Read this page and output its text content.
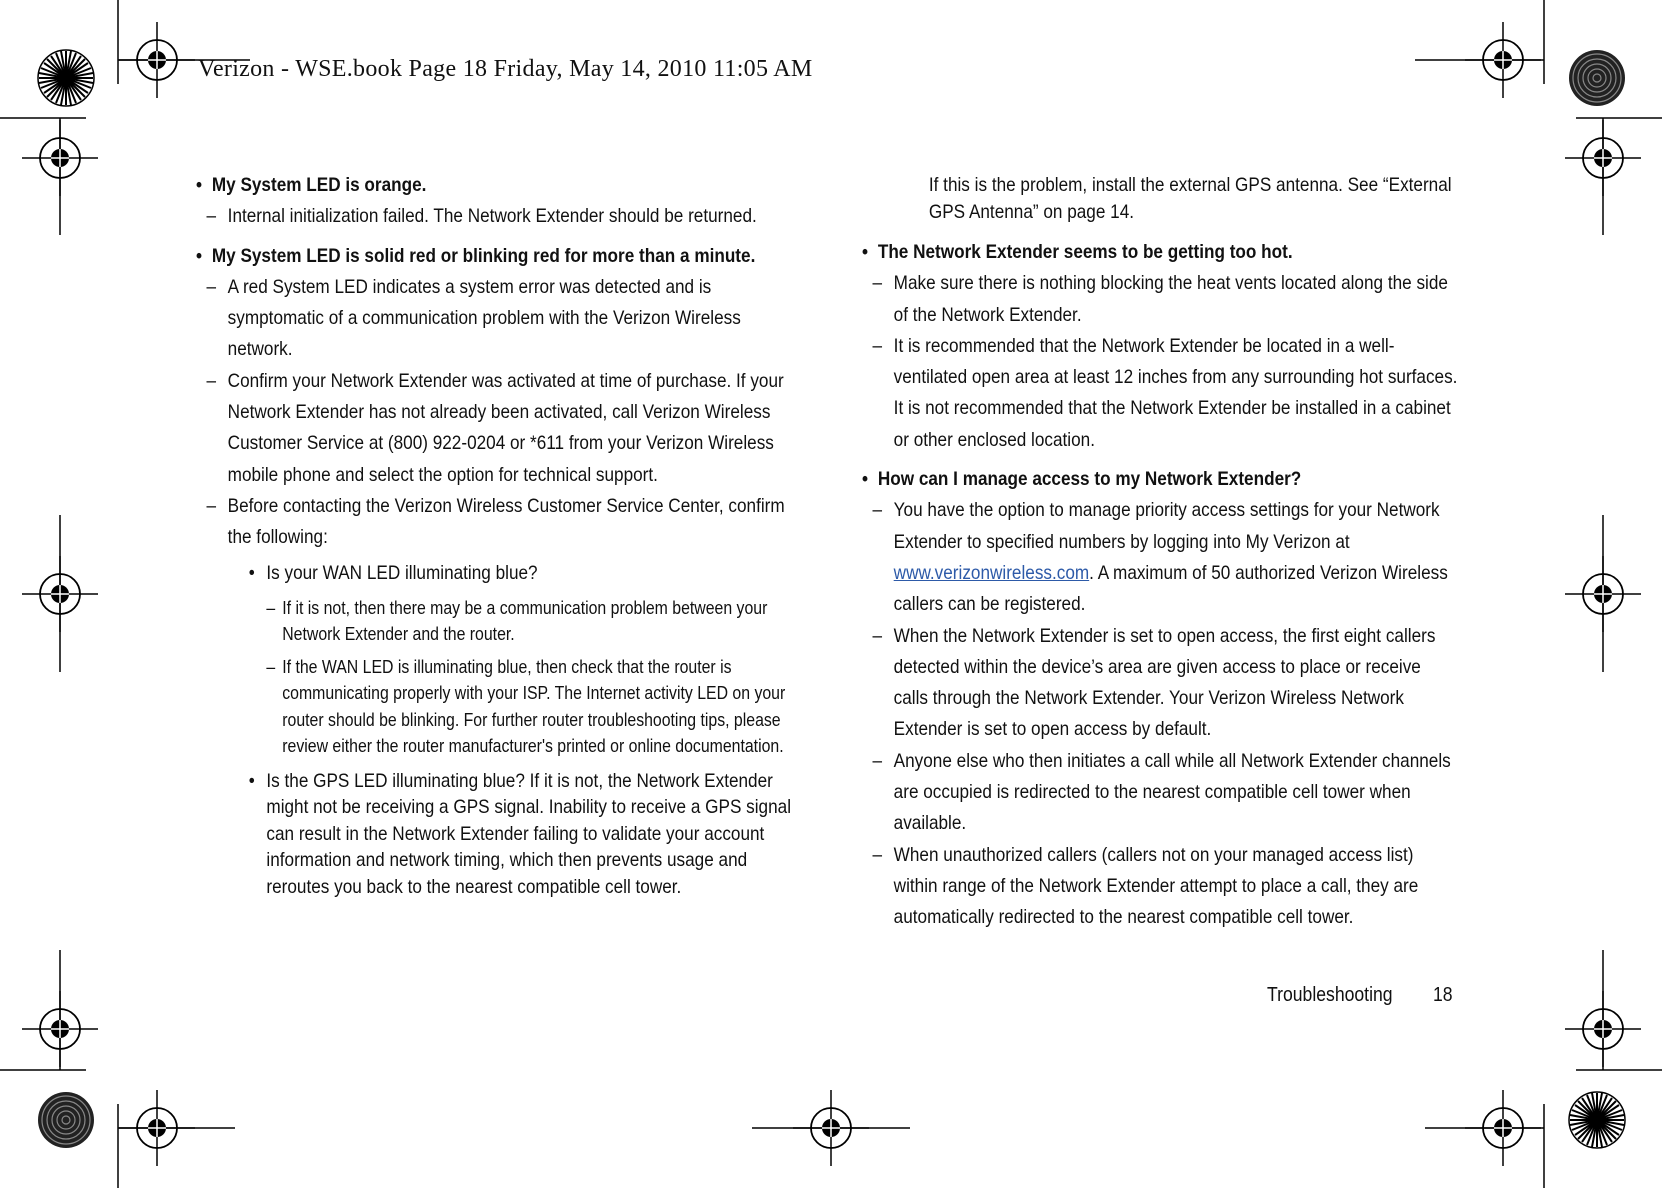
Verizon - WSE.book Page 18 Friday, May 14, 2010 11:05 AM

• My System LED is orange.

– Internal initialization failed. The Network Extender should be returned.

• My System LED is solid red or blinking red for more than a minute.

– A red System LED indicates a system error was detected and is symptomatic of a communication problem with the Verizon Wireless network.

– Confirm your Network Extender was activated at time of purchase. If your Network Extender has not already been activated, call Verizon Wireless Customer Service at (800) 922-0204 or *611 from your Verizon Wireless mobile phone and select the option for technical support.

– Before contacting the Verizon Wireless Customer Service Center, confirm the following:

• Is your WAN LED illuminating blue?

– If it is not, then there may be a communication problem between your Network Extender and the router.

– If the WAN LED is illuminating blue, then check that the router is communicating properly with your ISP. The Internet activity LED on your router should be blinking. For further router troubleshooting tips, please review either the router manufacturer's printed or online documentation.

• Is the GPS LED illuminating blue? If it is not, the Network Extender might not be receiving a GPS signal. Inability to receive a GPS signal can result in the Network Extender failing to validate your account information and network timing, which then prevents usage and reroutes you back to the nearest compatible cell tower.

If this is the problem, install the external GPS antenna. See “External GPS Antenna” on page 14.

• The Network Extender seems to be getting too hot.

– Make sure there is nothing blocking the heat vents located along the side of the Network Extender.

– It is recommended that the Network Extender be located in a well-ventilated open area at least 12 inches from any surrounding hot surfaces. It is not recommended that the Network Extender be installed in a cabinet or other enclosed location.

• How can I manage access to my Network Extender?

– You have the option to manage priority access settings for your Network Extender to specified numbers by logging into My Verizon at www.verizonwireless.com. A maximum of 50 authorized Verizon Wireless callers can be registered.

– When the Network Extender is set to open access, the first eight callers detected within the device’s area are given access to place or receive calls through the Network Extender. Your Verizon Wireless Network Extender is set to open access by default.

– Anyone else who then initiates a call while all Network Extender channels are occupied is redirected to the nearest compatible cell tower when available.

– When unauthorized callers (callers not on your managed access list) within range of the Network Extender attempt to place a call, they are automatically redirected to the nearest compatible cell tower.

Troubleshooting 18
